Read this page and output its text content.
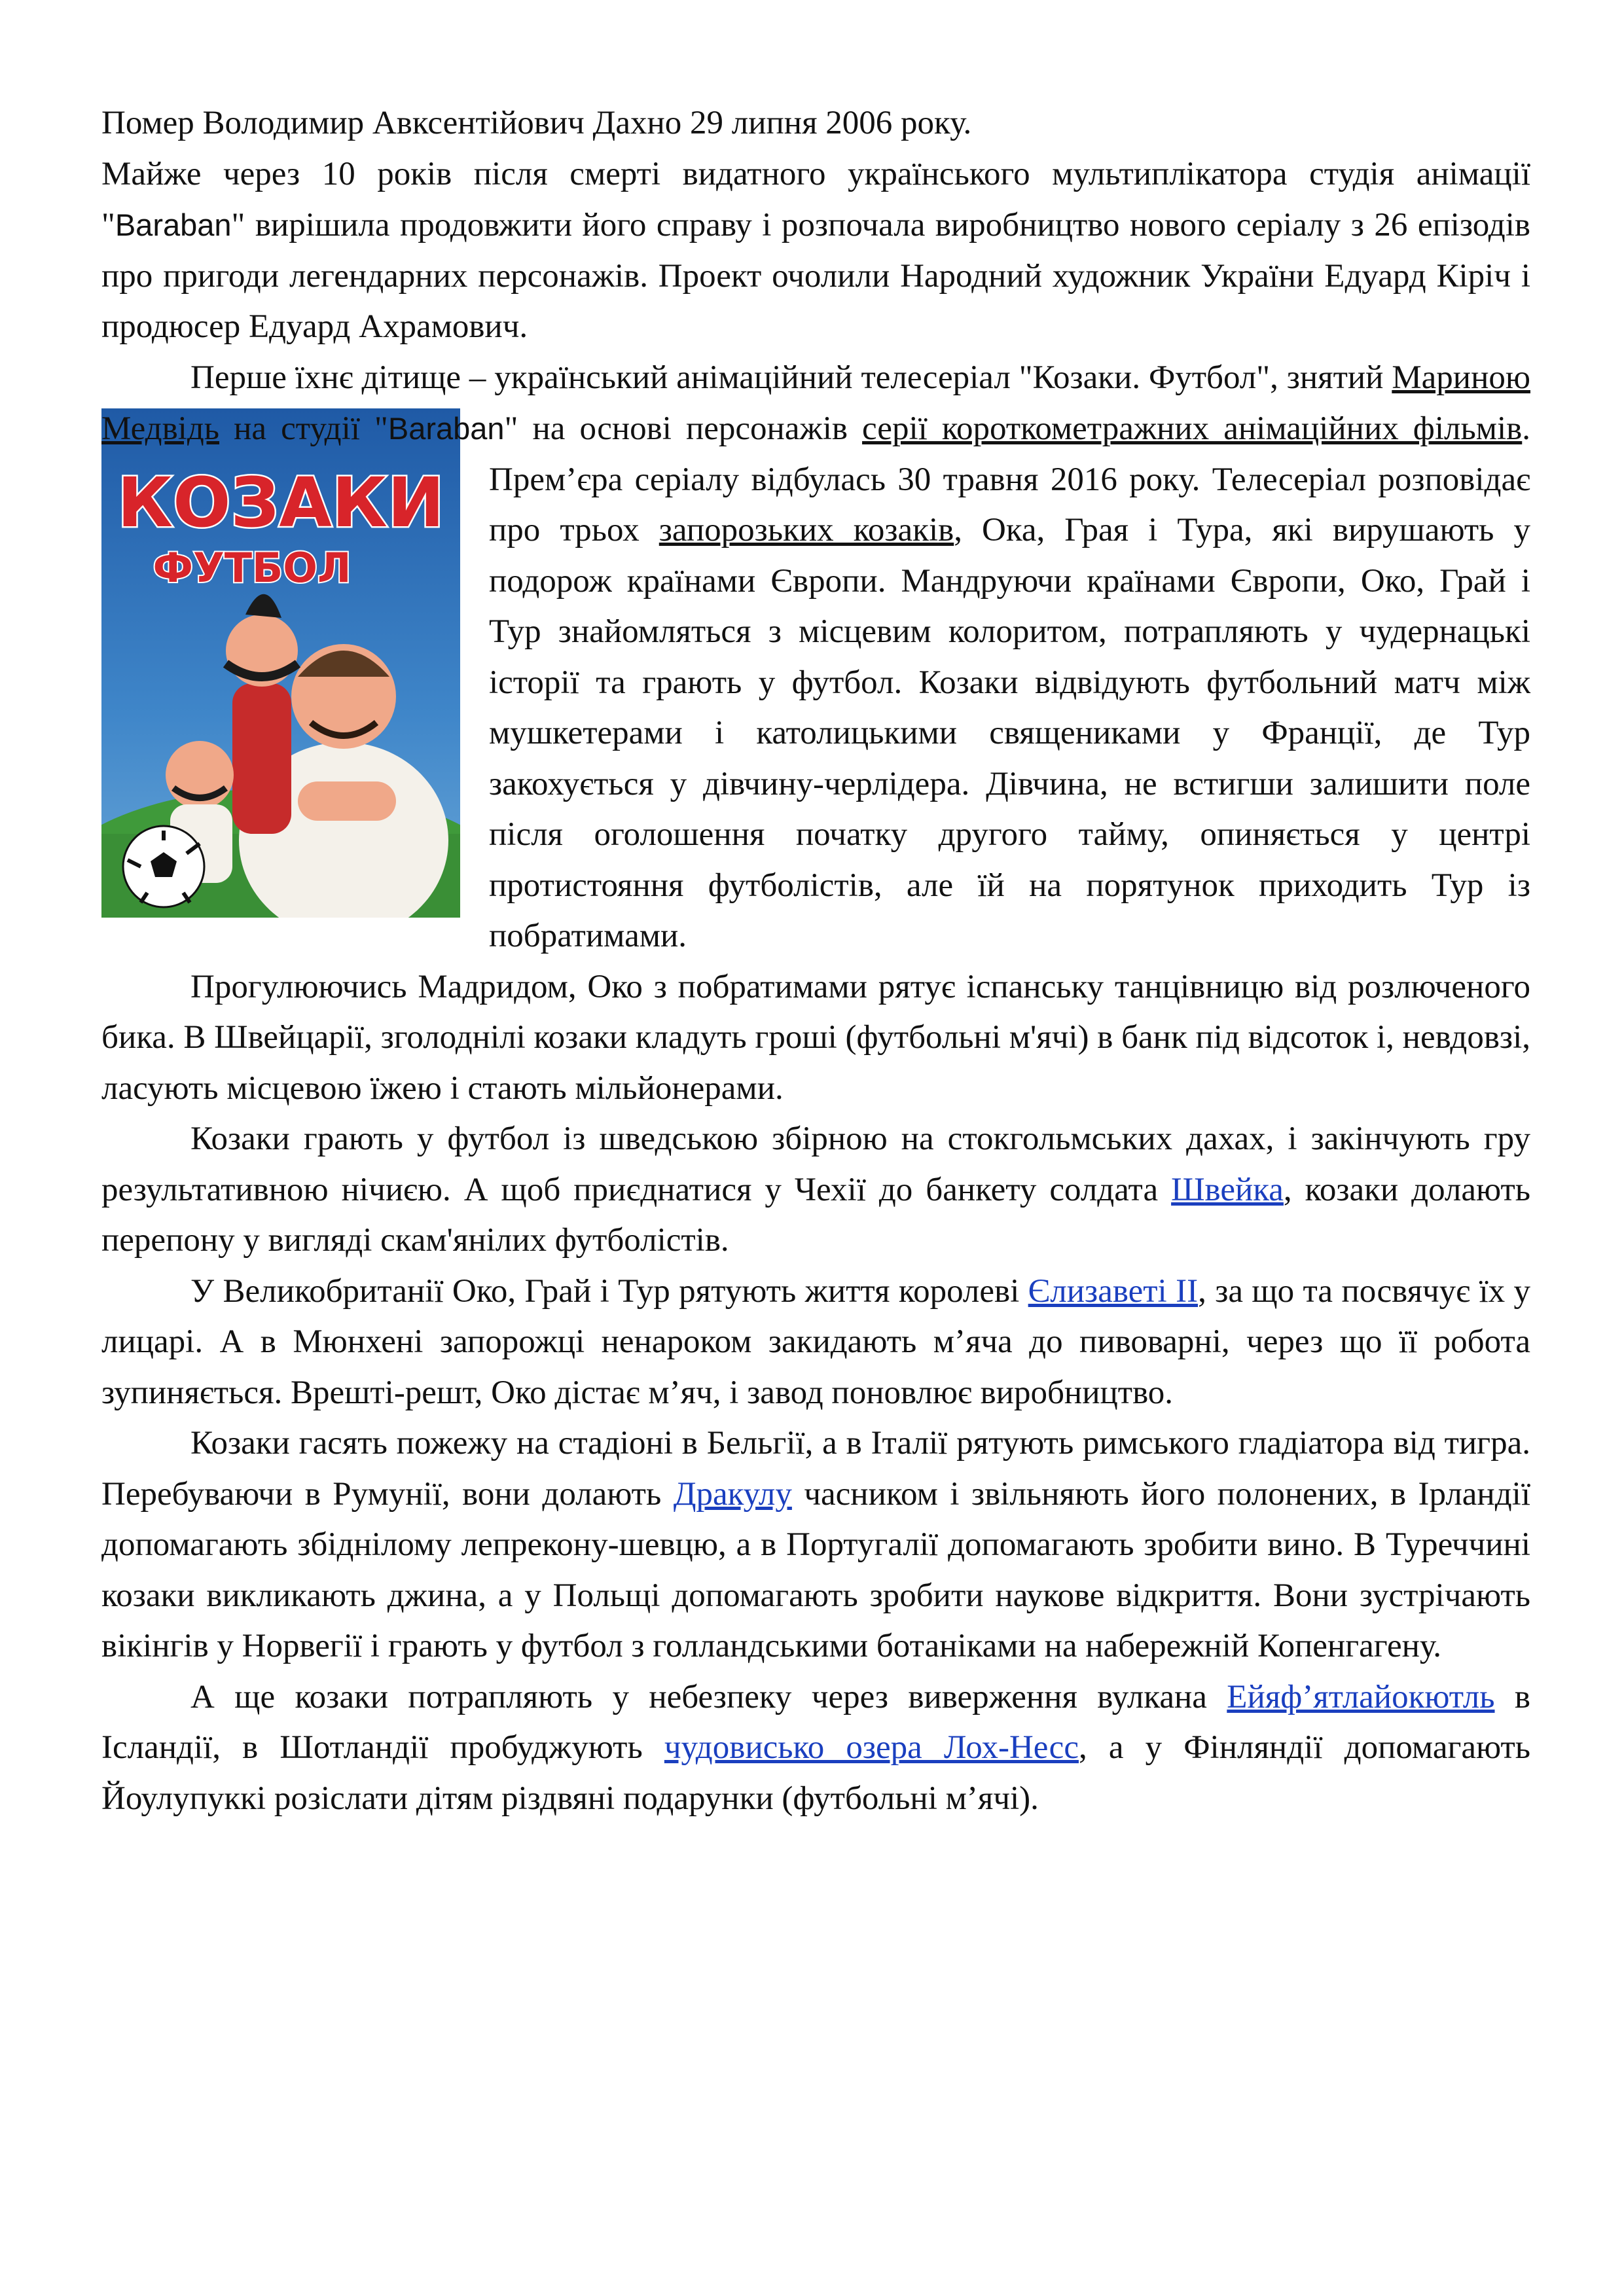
Помер Володимир Авксентійович Дахно 29 липня 2006 року.

Майже через 10 років після смерті видатного українського мультиплікатора студія анімації "Baraban" вирішила продовжити його справу і розпочала виробництво нового серіалу з 26 епізодів про пригоди легендарних персонажів. Проект очолили Народний художник України Едуард Кіріч і продюсер Едуард Ахрамович.

Перше їхнє дітище – український анімаційний телесеріал "Козаки. Футбол", знятий Мариною Медвідь на студії "Baraban" на основі персонажів
КОЗАКИ
ФУТБОЛ
серії короткометражних анімаційних фільмів. Прем’єра серіалу відбулась 30 травня 2016 року. Телесеріал розповідає про трьох запорозьких козаків, Ока, Грая і Тура, які вирушають у подорож країнами Європи. Мандруючи країнами Європи, Око, Грай і Тур знайомляться з місцевим колоритом, потрапляють у чудернацькі історії та грають у футбол. Козаки відвідують футбольний матч між мушкетерами і католицькими священиками у Франції, де Тур закохується у дівчину-черлідера. Дівчина, не встигши залишити поле після оголошення початку другого тайму, опиняється у центрі протистояння футболістів, але їй на порятунок приходить Тур із побратимами.

Прогулюючись Мадридом, Око з побратимами рятує іспанську танцівницю від розлюченого бика. В Швейцарії, зголоднілі козаки кладуть гроші (футбольні м'ячі) в банк під відсоток і, невдовзі, ласують місцевою їжею і стають мільйонерами.

Козаки грають у футбол із шведською збірною на стокгольмських дахах, і закінчують гру результативною нічиєю. А щоб приєднатися у Чехії до банкету солдата Швейка, козаки долають перепону у вигляді скам'янілих футболістів.

У Великобританії Око, Грай і Тур рятують життя королеві Єлизаветі II, за що та посвячує їх у лицарі. А в Мюнхені запорожці ненароком закидають м’яча до пивоварні, через що її робота зупиняється. Врешті-решт, Око дістає м’яч, і завод поновлює виробництво.

Козаки гасять пожежу на стадіоні в Бельгії, а в Італії рятують римського гладіатора від тигра. Перебуваючи в Румунії, вони долають Дракулу часником і звільняють його полонених, в Ірландії допомагають збіднілому лепрекону-шевцю, а в Португалії допомагають зробити вино. В Туреччині козаки викликають джина, а у Польщі допомагають зробити наукове відкриття. Вони зустрічають вікінгів у Норвегії і грають у футбол з голландськими ботаніками на набережній Копенгагену.

А ще козаки потрапляють у небезпеку через виверження вулкана Ейяф’ятлайокютль в Ісландії, в Шотландії пробуджують чудовисько озера Лох-Несс, а у Фінляндії допомагають Йоулупуккі розіслати дітям різдвяні подарунки (футбольні м’ячі).
